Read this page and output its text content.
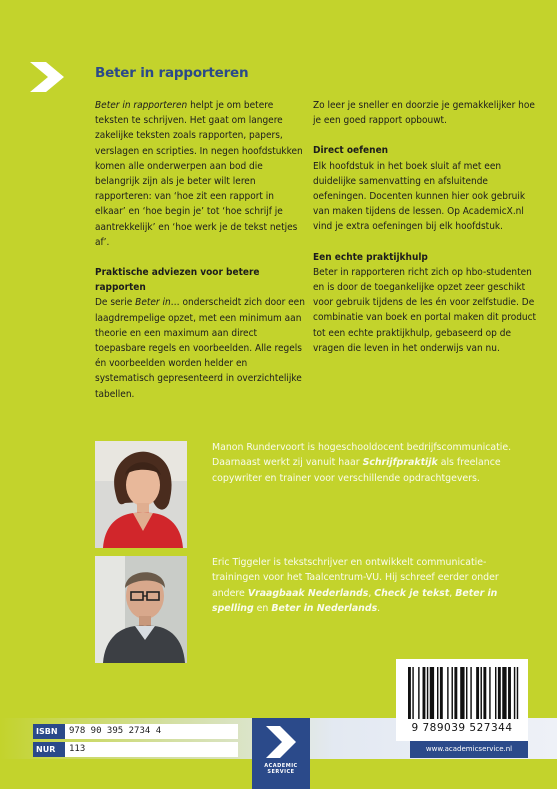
Beter in rapporteren

Beter in rapporteren helpt je om betere teksten te schrijven. Het gaat om langere zakelijke teksten zoals rapporten, papers, verslagen en scripties. In negen hoofdstukken komen alle onderwerpen aan bod die belangrijk zijn als je beter wilt leren rapporteren: van ‘hoe zit een rapport in elkaar’ en ‘hoe begin je’ tot ‘hoe schrijf je aantrekkelijk’ en ‘hoe werk je de tekst netjes af’.

Praktische adviezen voor betere rapporten

De serie Beter in… onderscheidt zich door een laagdrempelige opzet, met een minimum aan theorie en een maximum aan direct toepasbare regels en voorbeelden. Alle regels én voorbeelden worden helder en systematisch gepresenteerd in overzichtelijke tabellen.

Zo leer je sneller en doorzie je gemakkelijker hoe je een goed rapport opbouwt.

Direct oefenen

Elk hoofdstuk in het boek sluit af met een duidelijke samenvatting en afsluitende oefeningen. Docenten kunnen hier ook gebruik van maken tijdens de lessen. Op AcademicX.nl vind je extra oefeningen bij elk hoofdstuk.

Een echte praktijkhulp

Beter in rapporteren richt zich op hbo-studenten en is door de toegankelijke opzet zeer geschikt voor gebruik tijdens de les én voor zelfstudie. De combinatie van boek en portal maken dit product tot een echte praktijkhulp, gebaseerd op de vragen die leven in het onderwijs van nu.

Manon Rundervoort is hogeschooldocent bedrijfscommunicatie. Daarnaast werkt zij vanuit haar Schrijfpraktijk als freelance copywriter en trainer voor verschillende opdrachtgevers.
Eric Tiggeler is tekstschrijver en ontwikkelt communicatie-trainingen voor het Taalcentrum-VU. Hij schreef eerder onder andere Vraagbaak Nederlands, Check je tekst, Beter in spelling en Beter in Nederlands.
ISBN	978 90 395 2734 4
NUR	113
ACADEMIC SERVICE
9 789039 527344
www.academicservice.nl
